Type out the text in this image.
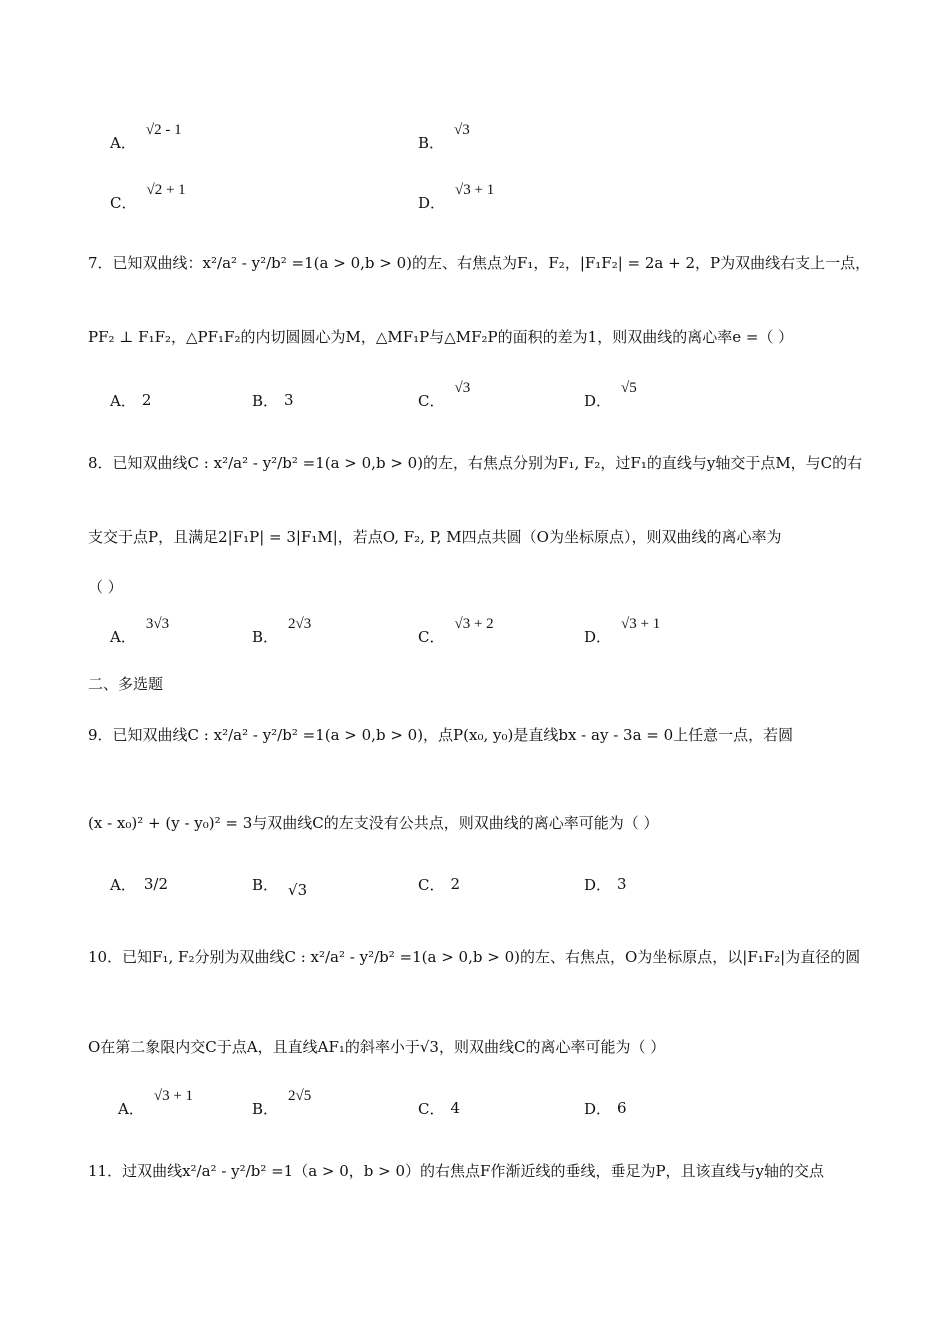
A．√2 - 1
B．√3
C．√2 + 1
D．√3 + 1
7．已知双曲线：x²/a² - y²/b² =1(a > 0,b > 0)的左、右焦点为F₁，F₂，|F₁F₂| = 2a + 2，P为双曲线右支上一点，
PF₂ ⊥ F₁F₂，△PF₁F₂的内切圆圆心为M，△MF₁P与△MF₂P的面积的差为1，则双曲线的离心率e =（ ）
A． 2	B． 3	C．√3
D．√5
8．已知双曲线C : x²/a² - y²/b² =1(a > 0,b > 0)的左，右焦点分别为F₁, F₂，过F₁的直线与y轴交于点M，与C的右
支交于点P，且满足2|F₁P| = 3|F₁M|，若点O, F₂, P, M四点共圆（O为坐标原点），则双曲线的离心率为
（ ）
A．3√3
B．2√3
C．√3 + 2
D．√3 + 1
二、多选题
9．已知双曲线C : x²/a² - y²/b² =1(a > 0,b > 0)，点P(x₀, y₀)是直线bx - ay - 3a = 0上任意一点，若圆
(x - x₀)² + (y - y₀)² = 3与双曲线C的左支没有公共点，则双曲线的离心率可能为（ ）
A． 3/2	B． √3	C． 2	D． 3
10．已知F₁, F₂分别为双曲线C : x²/a² - y²/b² =1(a > 0,b > 0)的左、右焦点，O为坐标原点，以|F₁F₂|为直径的圆
O在第二象限内交C于点A，且直线AF₁的斜率小于√3，则双曲线C的离心率可能为（ ）
A．√3 + 1
B．2√5
C． 4	D． 6
11．过双曲线x²/a² - y²/b² =1（a > 0，b > 0）的右焦点F作渐近线的垂线，垂足为P，且该直线与y轴的交点
